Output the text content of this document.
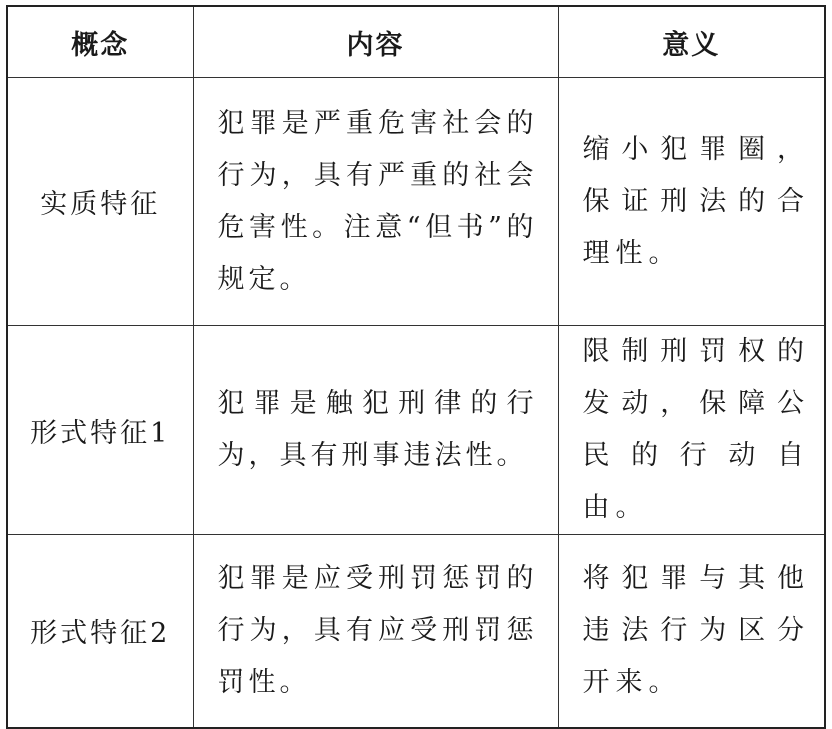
概念	内容	意义
实质特征	犯罪是严重危害社会的行为，具有严重的社会危害性。注意“但书”的规定。	缩小犯罪圈，保证刑法的合理性。
形式特征1	犯罪是触犯刑律的行为，具有刑事违法性。	限制刑罚权的发动，保障公民的行动自由。
形式特征2	犯罪是应受刑罚惩罚的行为，具有应受刑罚惩罚性。	将犯罪与其他违法行为区分开来。
